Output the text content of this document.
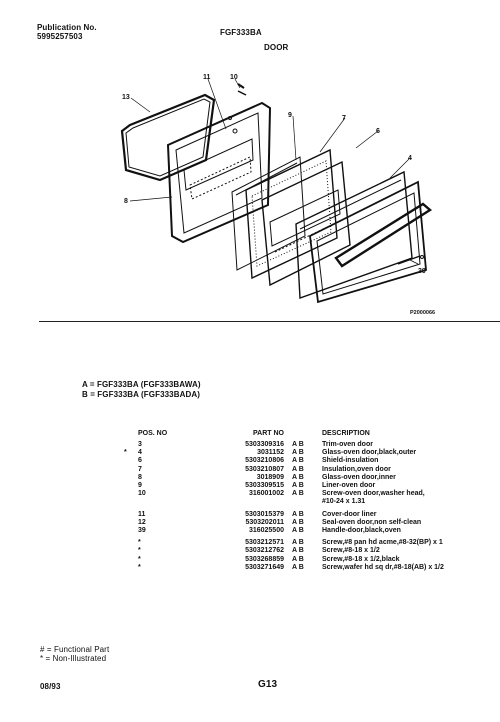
Publication No.
5995257503	FGF333BA
DOOR
13
11	10
9	7
6
4
8
39
P2000066
A = FGF333BA (FGF333BAWA)
B = FGF333BA (FGF333BADA)
POS. NO	PART NO		DESCRIPTION
3	5303309316	A B	Trim-oven door
* 4	3031152	A B	Glass-oven door,black,outer
6	5303210806	A B	Shield-insulation
7	5303210807	A B	Insulation,oven door
8	3018909	A B	Glass-oven door,inner
9	5303309515	A B	Liner-oven door
10	316001002	A B	Screw-oven door,washer head,
			#10-24 x 1.31

11	5303015379	A B	Cover-door liner
12	5303202011	A B	Seal-oven door,non self-clean
39	316025500	A B	Handle-door,black,oven

*	5303212571	A B	Screw,#8 pan hd acme,#8-32(BP) x 1
*	5303212762	A B	Screw,#8-18 x 1/2
*	5303268859	A B	Screw,#8-18 x 1/2,black
*	5303271649	A B	Screw,wafer hd sq dr,#8-18(AB) x 1/2
# = Functional Part
* = Non-Illustrated
08/93	G13
